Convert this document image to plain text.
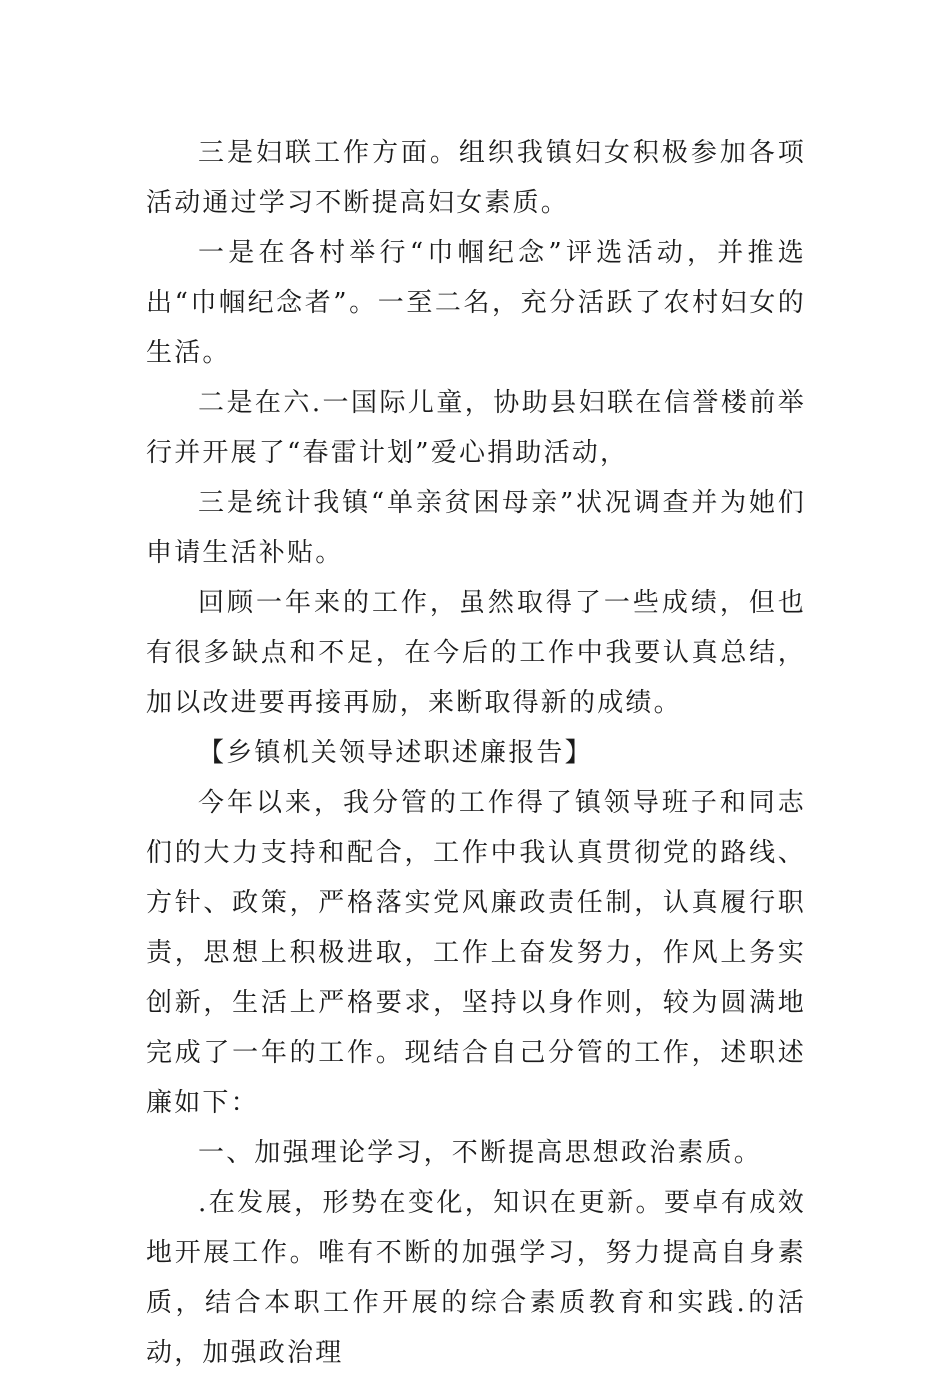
三是妇联工作方面。组织我镇妇女积极参加各项活动通过学习不断提高妇女素质。

一是在各村举行“巾帼纪念”评选活动，并推选出“巾帼纪念者”。一至二名，充分活跃了农村妇女的生活。

二是在六.一国际儿童，协助县妇联在信誉楼前举行并开展了“春雷计划”爱心捐助活动，

三是统计我镇“单亲贫困母亲”状况调查并为她们申请生活补贴。

回顾一年来的工作，虽然取得了一些成绩，但也有很多缺点和不足，在今后的工作中我要认真总结，加以改进要再接再励，来断取得新的成绩。

【乡镇机关领导述职述廉报告】

今年以来，我分管的工作得了镇领导班子和同志们的大力支持和配合，工作中我认真贯彻党的路线、方针、政策，严格落实党风廉政责任制，认真履行职责，思想上积极进取，工作上奋发努力，作风上务实创新，生活上严格要求，坚持以身作则，较为圆满地完成了一年的工作。现结合自己分管的工作，述职述廉如下：

一、加强理论学习，不断提高思想政治素质。

.在发展，形势在变化，知识在更新。要卓有成效地开展工作。唯有不断的加强学习，努力提高自身素质，结合本职工作开展的综合素质教育和实践.的活动，加强政治理
